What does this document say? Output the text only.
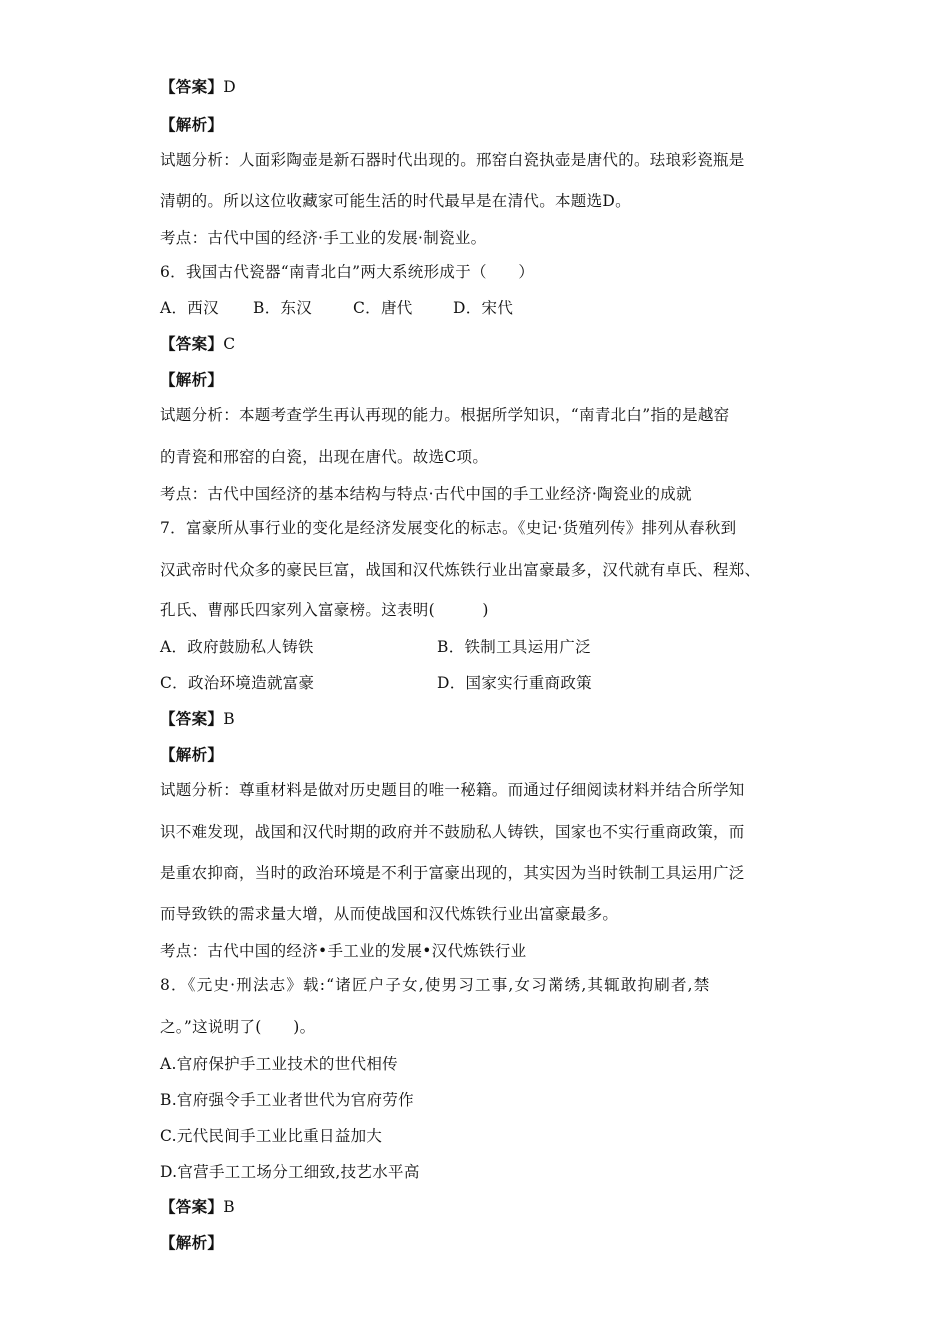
【答案】D
【解析】
试题分析：人面彩陶壶是新石器时代出现的。邢窑白瓷执壶是唐代的。珐琅彩瓷瓶是
清朝的。所以这位收藏家可能生活的时代最早是在清代。本题选D。
考点：古代中国的经济·手工业的发展·制瓷业。
6．我国古代瓷器“南青北白”两大系统形成于（　　）
A．西汉 B．东汉	C．唐代	D．宋代
【答案】C
【解析】
试题分析：本题考查学生再认再现的能力。根据所学知识，“南青北白”指的是越窑
的青瓷和邢窑的白瓷，出现在唐代。故选C项。
考点：古代中国经济的基本结构与特点·古代中国的手工业经济·陶瓷业的成就
7．富豪所从事行业的变化是经济发展变化的标志。《史记·货殖列传》排列从春秋到
汉武帝时代众多的豪民巨富，战国和汉代炼铁行业出富豪最多，汉代就有卓氏、程郑、
孔氏、曹邴氏四家列入富豪榜。这表明(　　　)
A．政府鼓励私人铸铁	B．铁制工具运用广泛
C．政治环境造就富豪	D．国家实行重商政策
【答案】B
【解析】
试题分析：尊重材料是做对历史题目的唯一秘籍。而通过仔细阅读材料并结合所学知
识不难发现，战国和汉代时期的政府并不鼓励私人铸铁，国家也不实行重商政策，而
是重农抑商，当时的政治环境是不利于富豪出现的，其实因为当时铁制工具运用广泛
而导致铁的需求量大增，从而使战国和汉代炼铁行业出富豪最多。
考点：古代中国的经济•手工业的发展•汉代炼铁行业
8．《元史·刑法志》载:“诸匠户子女,使男习工事,女习黹绣,其辄敢拘刷者,禁
之。”这说明了(　　)。
A.官府保护手工业技术的世代相传
B.官府强令手工业者世代为官府劳作
C.元代民间手工业比重日益加大
D.官营手工工场分工细致,技艺水平高
【答案】B
【解析】
